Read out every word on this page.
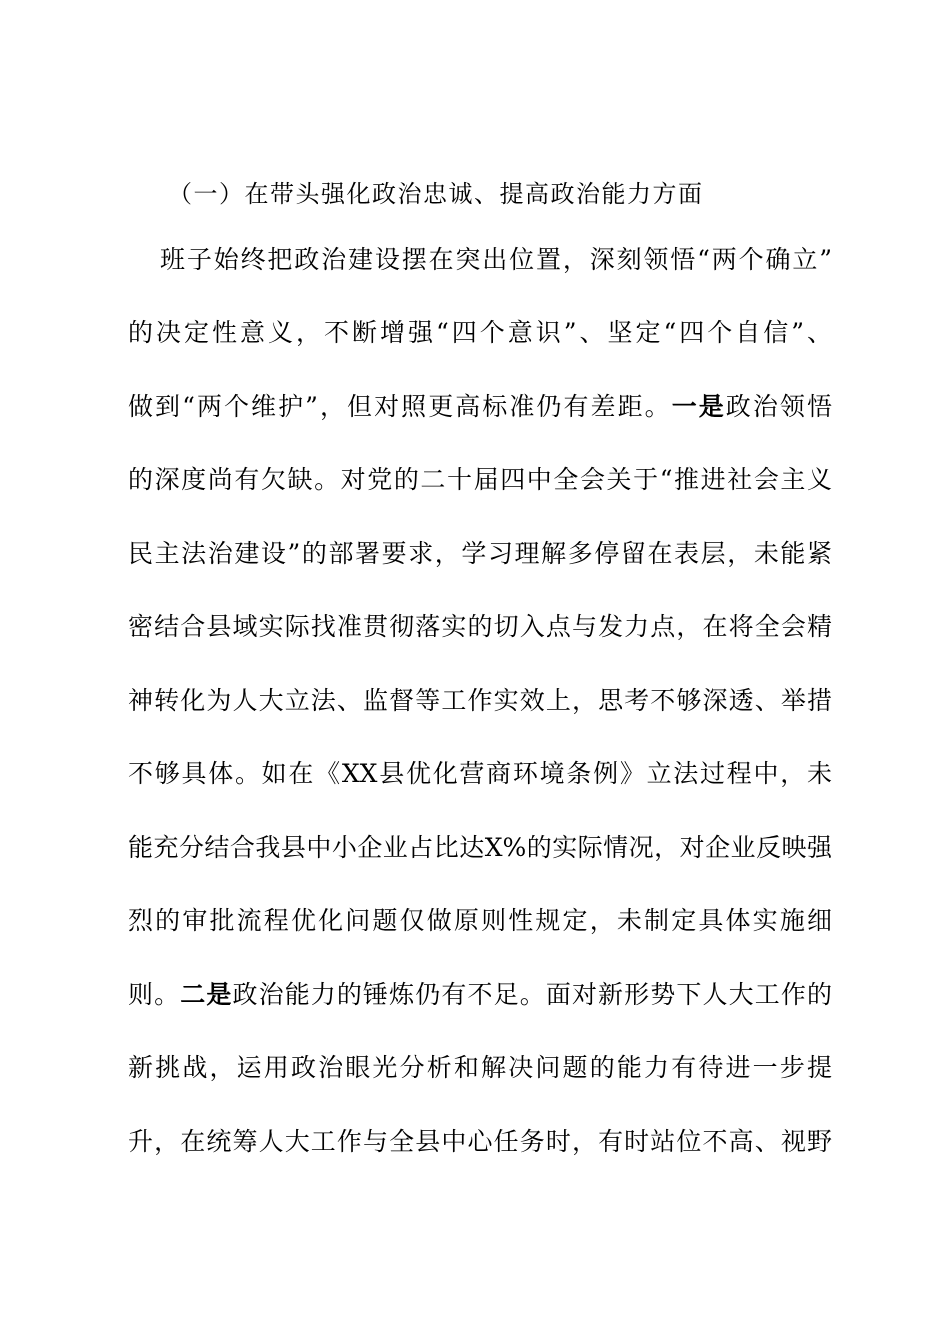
（一）在带头强化政治忠诚、提高政治能力方面
班子始终把政治建设摆在突出位置，深刻领悟“两个确立”
的决定性意义，不断增强“四个意识”、坚定“四个自信”、
做到“两个维护”，但对照更高标准仍有差距。一是政治领悟
的深度尚有欠缺。对党的二十届四中全会关于“推进社会主义
民主法治建设”的部署要求，学习理解多停留在表层，未能紧
密结合县域实际找准贯彻落实的切入点与发力点，在将全会精
神转化为人大立法、监督等工作实效上，思考不够深透、举措
不够具体。如在《XX县优化营商环境条例》立法过程中，未
能充分结合我县中小企业占比达X%的实际情况，对企业反映强
烈的审批流程优化问题仅做原则性规定，未制定具体实施细
则。二是政治能力的锤炼仍有不足。面对新形势下人大工作的
新挑战，运用政治眼光分析和解决问题的能力有待进一步提
升，在统筹人大工作与全县中心任务时，有时站位不高、视野
